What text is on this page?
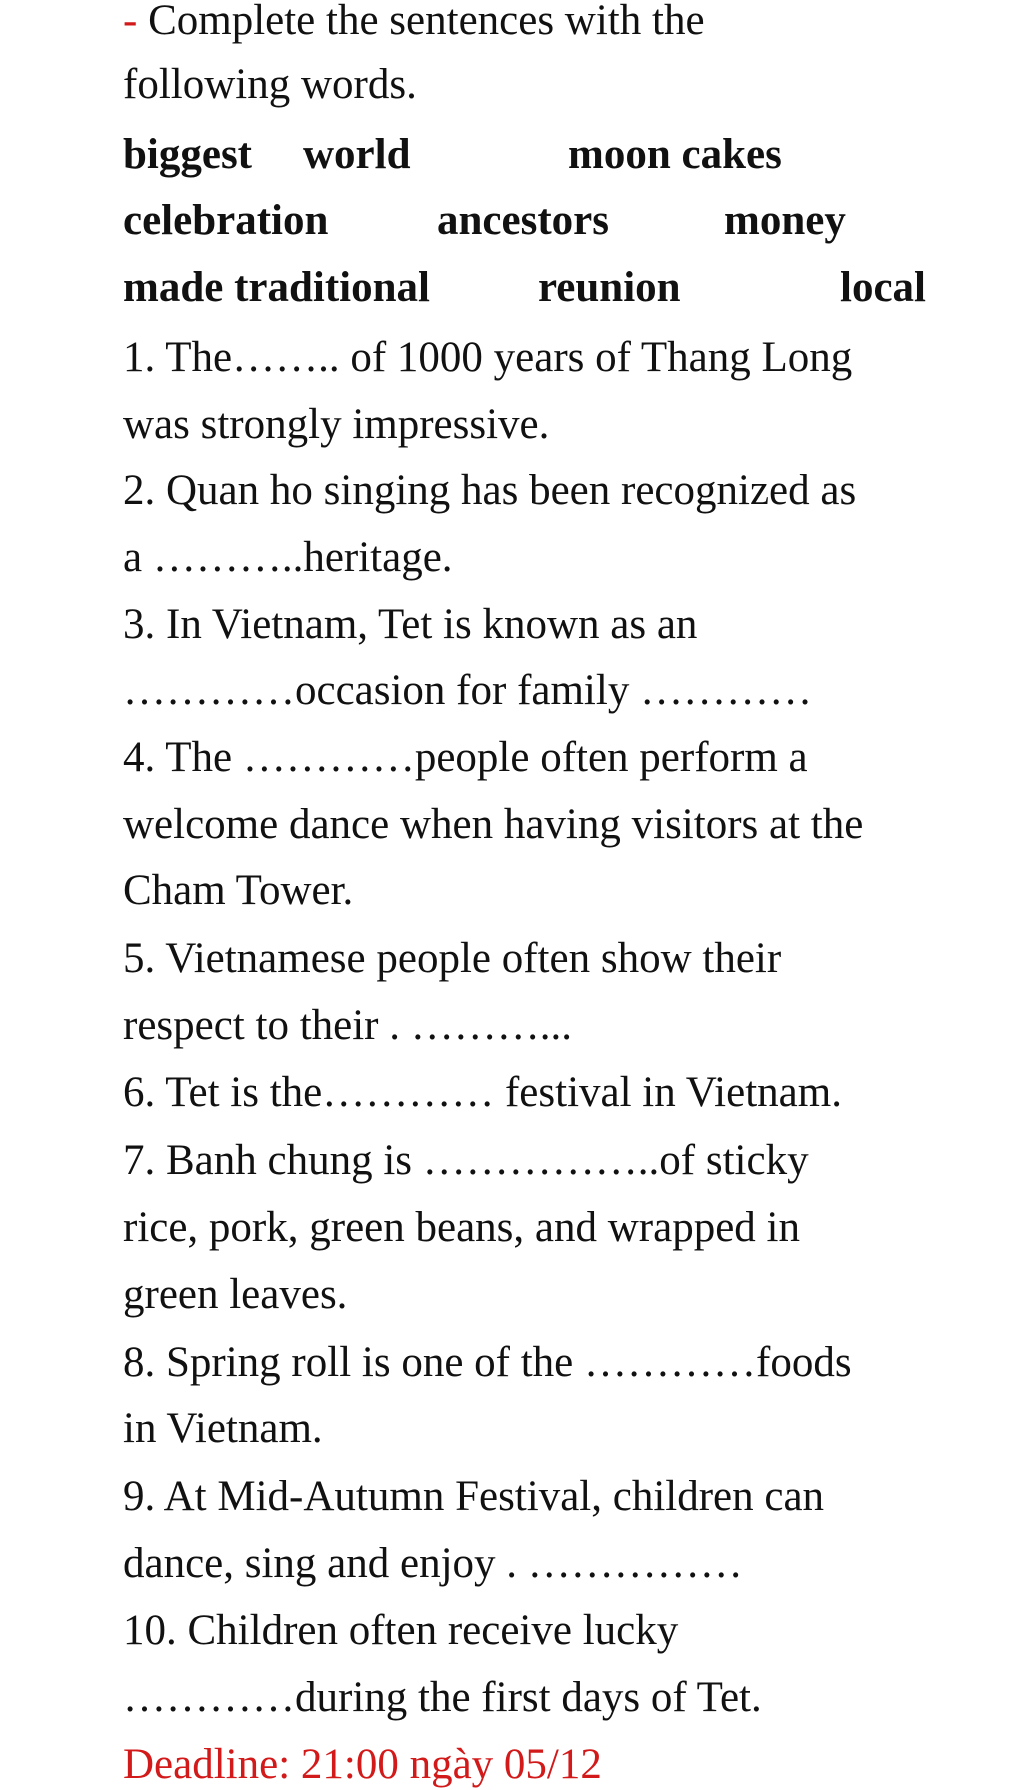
- Complete the sentences with the
following words.
biggest world	moon cakes
celebration	ancestors	money
made traditional	reunion	local
1. The…….. of 1000 years of Thang Long
was strongly impressive.
2. Quan ho singing has been recognized as
a ………..heritage.
3. In Vietnam, Tet is known as an
…………occasion for family …………
4. The …………people often perform a
welcome dance when having visitors at the
Cham Tower.
5. Vietnamese people often show their
respect to their . ………...
6. Tet is the………… festival in Vietnam.
7. Banh chung is ……………..of sticky
rice, pork, green beans, and wrapped in
green leaves.
8. Spring roll is one of the …………foods
in Vietnam.
9. At Mid-Autumn Festival, children can
dance, sing and enjoy . ……………
10. Children often receive lucky
…………during the first days of Tet.
Deadline: 21:00 ngày 05/12
